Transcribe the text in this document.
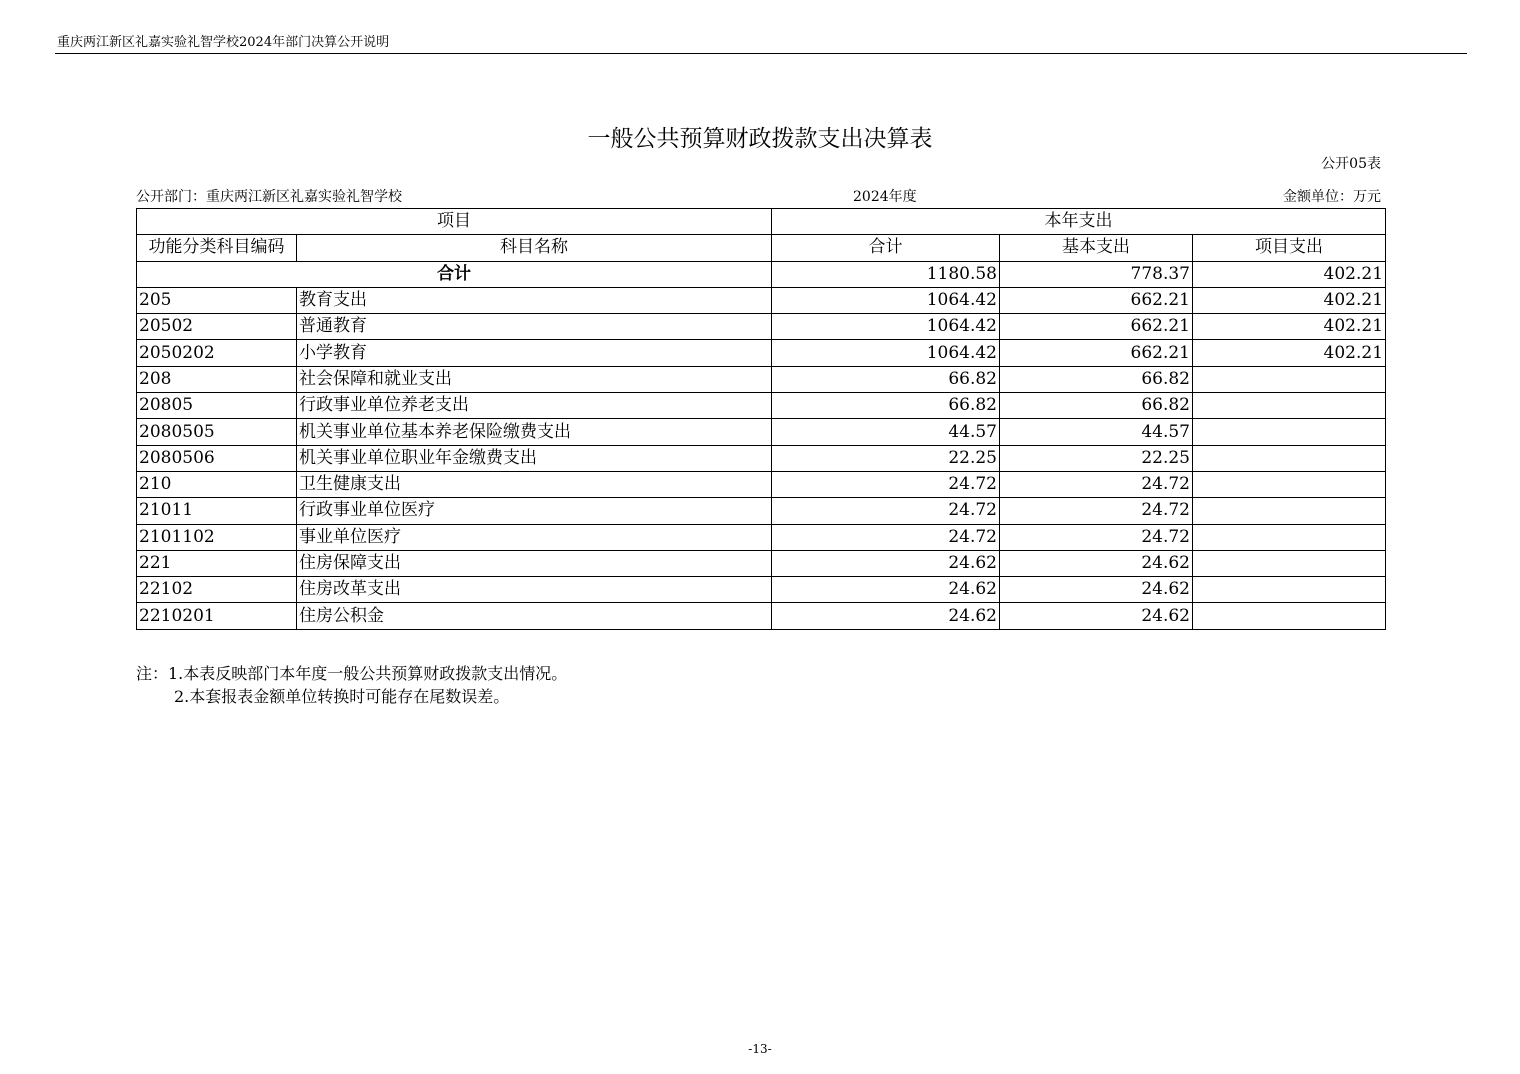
重庆两江新区礼嘉实验礼智学校2024年部门决算公开说明
一般公共预算财政拨款支出决算表
公开05表
公开部门：重庆两江新区礼嘉实验礼智学校	2024年度	金额单位：万元
项目		本年支出		
功能分类科目编码	科目名称	合计	基本支出	项目支出
合计		1180.58	778.37	402.21
205	教育支出	1064.42	662.21	402.21
20502	普通教育	1064.42	662.21	402.21
2050202	小学教育	1064.42	662.21	402.21
208	社会保障和就业支出	66.82	66.82	
20805	行政事业单位养老支出	66.82	66.82	
2080505	机关事业单位基本养老保险缴费支出	44.57	44.57	
2080506	机关事业单位职业年金缴费支出	22.25	22.25	
210	卫生健康支出	24.72	24.72	
21011	行政事业单位医疗	24.72	24.72	
2101102	事业单位医疗	24.72	24.72	
221	住房保障支出	24.62	24.62	
22102	住房改革支出	24.62	24.62	
2210201	住房公积金	24.62	24.62	
注：1.本表反映部门本年度一般公共预算财政拨款支出情况。
2.本套报表金额单位转换时可能存在尾数误差。
-13-
